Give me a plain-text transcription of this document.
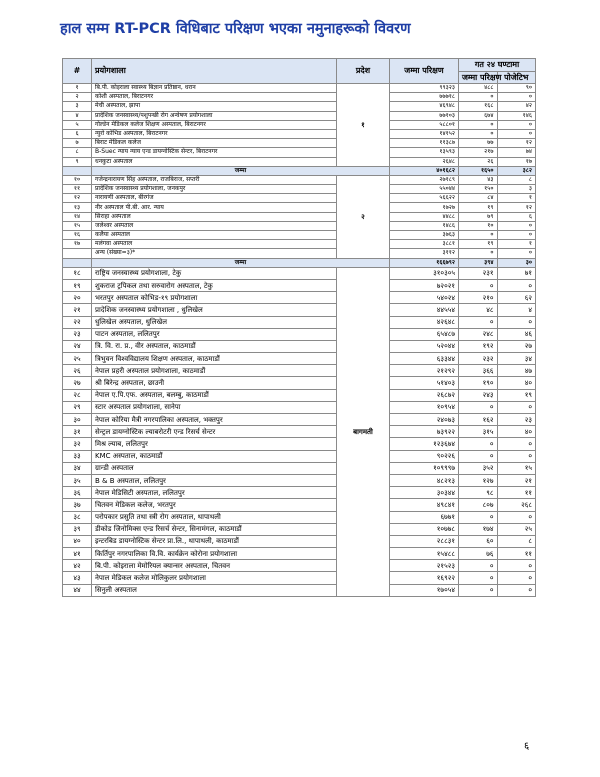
हाल सम्म RT-PCR विधिबाट परिक्षण भएका नमुनाहरूको विवरण
#	प्रयोगशाला	प्रदेश	जम्मा परिक्षण	गत २४ घण्टामा	
				जम्मा परिक्षण	पोजेटिभ
१	बि.पी. कोइराला स्वास्थ्य बिज्ञान प्रतिष्ठान, धरान	१	९९३२३	४८८	९०
२	कोशी अस्पताल, बिराटनगर		७७७१८	०	०
३	मेची अस्पताल, झापा		४६९४८	१६८	४२
४	प्रादेशिक जनस्वास्थ्य/पशुपन्छी रोग अन्वेषण प्रयोगशाला		७७१०३	६७४	१४६
५	गोल्डेन मेडिकल कलेज शिक्षण अस्पताल, बिराटनगर		५८८०१	०	०
६	न्युरो कोभिड अस्पताल, बिराटनगर		१४१५२	०	०
७	बिराट मेडिकल कलेज		११३८७	७७	१२
८	B-Suec न्याय न्याय एन्ड डायग्नोस्टिक सेन्टर, बिराटनगर		१३५९३	२१७	७४
९	धनकुटा अस्पताल		२६४८	२६	१७
	जम्मा		४०१६८२	१६५०	३८२
१०	गजेन्द्रनारायण सिंह अस्पताल, राजबिराज, सप्तरी	२	२७१८९	४३	८
११	प्रादेशिक जनस्वास्थ्य प्रयोगशाला, जनकपुर		५५०४४	१५०	३
१२	नारायणी अस्पताल, बीरगंज		५६६२२	८४	१
१३	नीर अस्पताल पी.बी. आर. न्याय		१७२७	१९	१२
१४	सिराहा अस्पताल		४४८८	७९	६
१५	जलेश्वर अस्पताल		१४८६	१०	०
१६	कलैया अस्पताल		३७६३	०	०
१७	मलंगवा अस्पताल		३८८१	१९	१
	अन्य (संख्या=३)*		३११२	०	०
	जम्मा		१६६७९२	३९४	३०
१८	राष्ट्रिय जनस्वास्थ्य प्रयोगशाला, टेकु	बागमती	३१०३०५	२३१	७१
१९	शुकराज ट्रपिकल तथा सरुवारोग अस्पताल, टेकु		७२०२१	०	०
२०	भरतपुर अस्पताल कोभिड-१९ प्रयोगशाला		५४०२४	२१०	६२
२१	प्रादेशिक जनस्वास्थ्य प्रयोगशाला , धुलिखेल		४४५५४	४८	४
२२	धुलिखेल अस्पताल, धुलिखेल		४२६४८	०	०
२३	पाटन अस्पताल, ललितपुर		६५४८७	२४८	४६
२४	त्रि. वि. रा. प्र., वीर अस्पताल, काठमाडौं		५२०४४	१९२	२७
२५	त्रिभुवन विश्वविद्यालय शिक्षण अस्पताल, काठमाडौं		६३३४४	२३२	३४
२६	नेपाल प्रहरी अस्पताल प्रयोगशाला, काठमाडौं		२१२९२	३६६	४७
२७	श्री बिरेन्द्र अस्पताल, छाउनी		५१४०३	१९०	४०
२८	नेपाल ए.पि.एफ. अस्पताल, बलम्बु, काठमाडौं		२६८७२	२४३	१९
२९	स्टार अस्पताल प्रयोगशाला, सानेपा		१०९५४	०	०
३०	नेपाल कोरिया मैत्री नगरपालिका अस्पताल, भक्तपुर		२४०७३	१६२	२३
३१	सेन्ट्रल डायग्नोस्टिक ल्याबरोटरी एन्ड रिसर्च सेन्टर		७३९२२	३१५	४०
३२	मिश्र ल्याब, ललितपुर		१२३६७४	०	०
३३	KMC अस्पताल, काठमाडौं		९०२२६	०	०
३४	ग्रान्डी अस्पताल		१०९९९७	३५२	१५
३५	B & B अस्पताल, ललितपुर		४८२१३	१२७	२१
३६	नेपाल मेडिसिटी अस्पताल, ललितपुर		३०३४४	९८	११
३७	चितवन मेडिकल कलेज, भरतपुर		४९८४१	८०७	२६८
३८	परोपकार प्रसुति तथा स्त्री रोग अस्पताल, थापाथली		६७७१	०	०
३९	डीकोड जिनोमिक्स एन्ड रिसर्च सेन्टर, सिनामंगल, काठमाडौं		१०७७८	१७४	२५
४०	इन्टरबिड डायग्नोस्टिक सेन्टर प्रा.लि., थापाथली, काठमाडौं		२८८३१	६०	८
४१	किर्तिपुर नगरपालिका वि.वि. कार्यक्रेन कोरोना प्रयोगशाला		१५४८८	७६	११
४२	बि.पी. कोइराला मेमोरियल क्यान्सर अस्पताल, चितवन		२१५२३	०	०
४३	नेपाल मेडिकल कलेज मोलिकुलर प्रयोगशाला		१६९२२	०	०
४४	सिनुली अस्पताल		१७०५४	०	०
६
